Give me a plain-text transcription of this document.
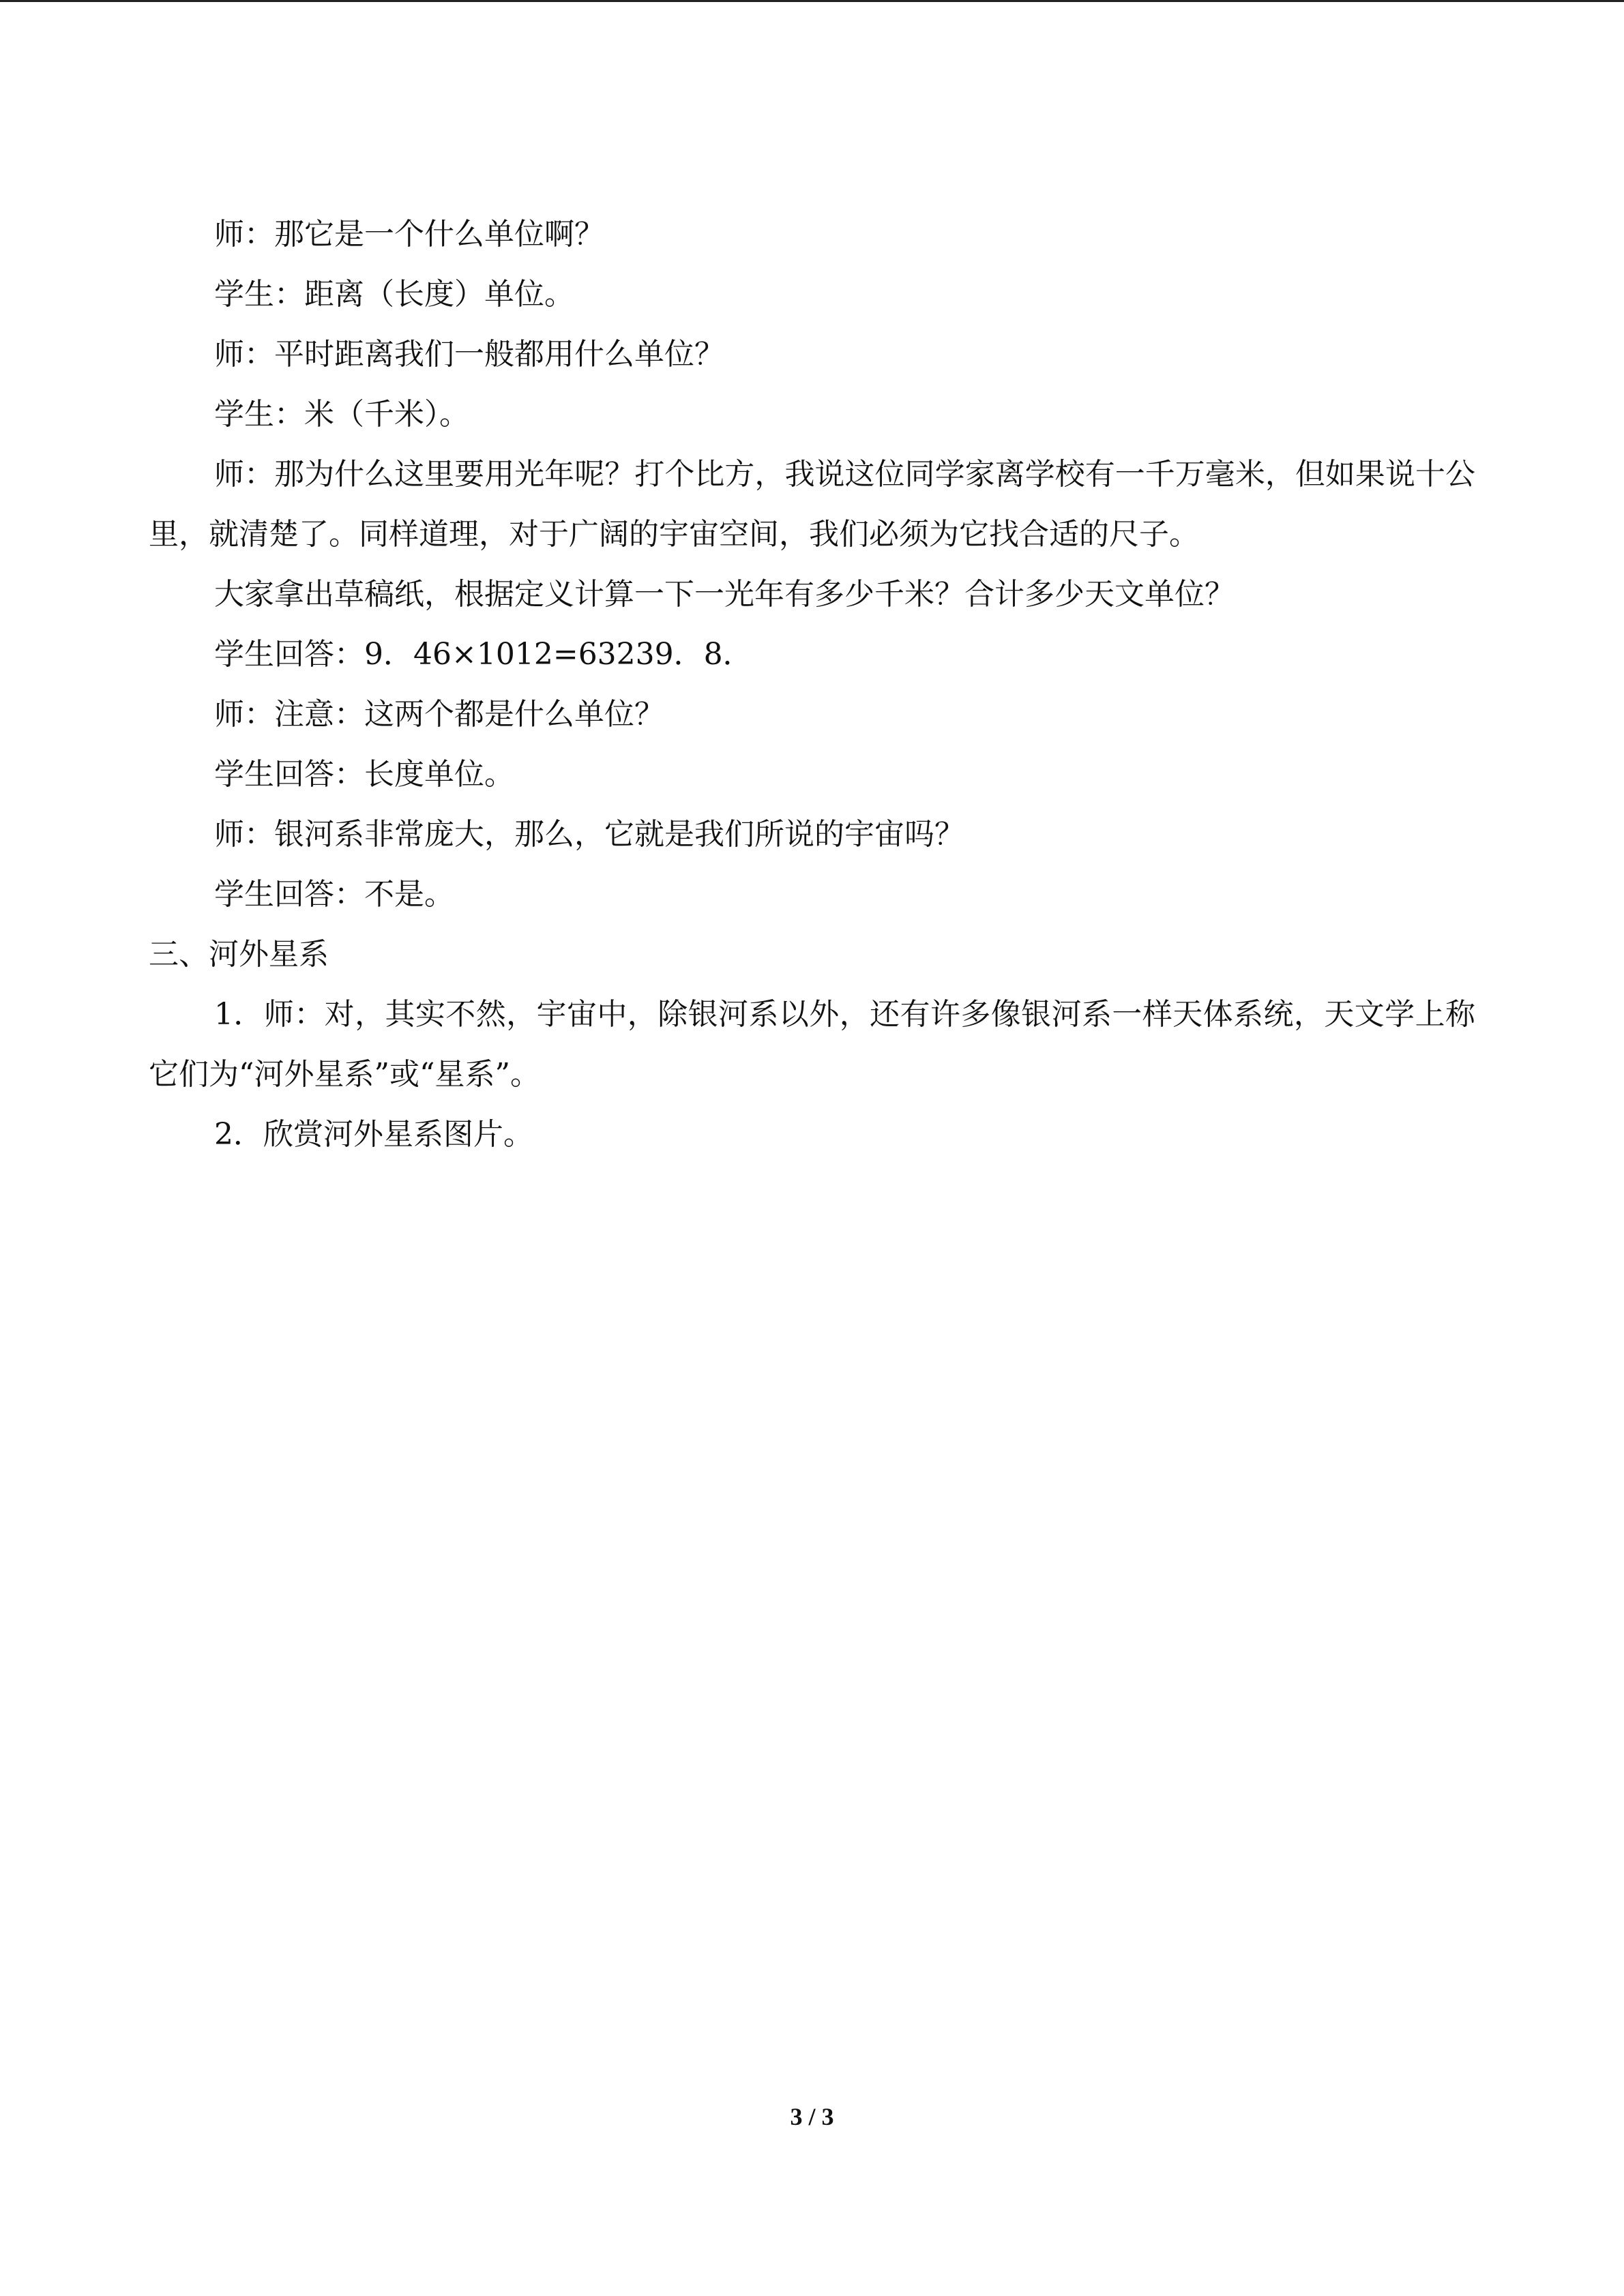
师：那它是一个什么单位啊？

学生：距离（长度）单位。

师：平时距离我们一般都用什么单位？

学生：米（千米）。

师：那为什么这里要用光年呢？打个比方，我说这位同学家离学校有一千万毫米，但如果说十公里，就清楚了。同样道理，对于广阔的宇宙空间，我们必须为它找合适的尺子。

大家拿出草稿纸，根据定义计算一下一光年有多少千米？合计多少天文单位？

学生回答：9．46×1012=63239．8．

师：注意：这两个都是什么单位？

学生回答：长度单位。

师：银河系非常庞大，那么，它就是我们所说的宇宙吗？

学生回答：不是。

三、河外星系

1．师：对，其实不然，宇宙中，除银河系以外，还有许多像银河系一样天体系统，天文学上称它们为“河外星系”或“星系”。

2．欣赏河外星系图片。

3 / 3
